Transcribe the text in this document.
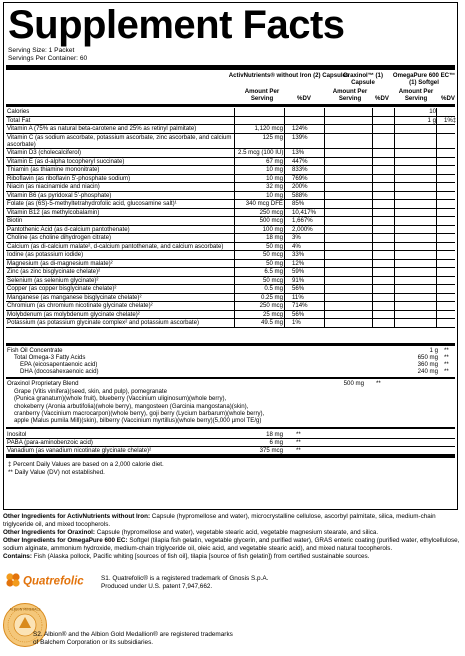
Supplement Facts
Serving Size: 1 Packet
Servings Per Container: 60
ActivNutrients® without Iron (2) Capsules
Oraxinol™ (1) Capsule
OmegaPure 600 EC™ (1) Softgel
Amount Per Serving	%DV
Amount Per Serving	%DV
Amount Per Serving	%DV
Calories	10
Total Fat	1 g 1%‡
Vitamin A (75% as natural beta-carotene and 25% as retinyl palmitate)	1,120 mcg 124%
Vitamin C (as sodium ascorbate, potassium ascorbate, zinc ascorbate, and calcium ascorbate)
125 mg 139%
Vitamin D3 (cholecalciferol)	2.5 mcg (100 IU) 13%
Vitamin E (as d-alpha tocopheryl succinate)	67 mg 447%
Thiamin (as thiamine mononitrate)	10 mg 833%
Riboflavin (as riboflavin 5'-phosphate sodium)	10 mg 769%
Niacin (as niacinamide and niacin)	32 mg 200%
Vitamin B6 (as pyridoxal 5'-phosphate)	10 mg 588%
Folate (as (6S)-5-methyltetrahydrofolic acid, glucosamine salt)¹	340 mcg DFE 85%
Vitamin B12 (as methylcobalamin)	250 mcg 10,417%
Biotin	500 mcg 1,667%
Pantothenic Acid (as d-calcium pantothenate)	100 mg 2,000%
Choline (as choline dihydrogen citrate)	18 mg 3%
Calcium (as di-calcium malate², d-calcium pantothenate, and calcium ascorbate)	50 mg 4%
Iodine (as potassium iodide)	50 mcg 33%
Magnesium (as di-magnesium malate)²	50 mg 12%
Zinc (as zinc bisglycinate chelate)²	6.5 mg 59%
Selenium (as selenium glycinate)²	50 mcg 91%
Copper (as copper bisglycinate chelate)²	0.5 mg 56%
Manganese (as manganese bisglycinate chelate)²	0.25 mg 11%
Chromium (as chromium nicotinate glycinate chelate)²	250 mcg 714%
Molybdenum (as molybdenum glycinate chelate)²	25 mcg 56%
Potassium (as potassium glycinate complex² and potassium ascorbate)	49.5 mg 1%
Fish Oil Concentrate	1 g **
Total Omega-3 Fatty Acids	650 mg **
EPA (eicosapentaenoic acid)	360 mg **
DHA (docosahexaenoic acid)	240 mg **
Oraxinol Proprietary Blend	500 mg **
Grape (Vitis vinifera)(seed, skin, and pulp), pomegranate
(Punica granatum)(whole fruit), blueberry (Vaccinium uliginosum)(whole berry),
chokeberry (Aronia arbutifolia)(whole berry), mangosteen (Garcinia mangostana)(skin),
cranberry (Vaccinium macrocarpon)(whole berry), goji berry (Lycium barbarum)(whole berry),
apple (Malus pumila Mill)(skin), bilberry (Vaccinium myrtillus)(whole berry)(5,000 µmol TE/g)
Inositol	18 mg **
PABA (para-aminobenzoic acid)	6 mg **
Vanadium (as vanadium nicotinate glycinate chelate)²	375 mcg **
‡ Percent Daily Values are based on a 2,000 calorie diet.
** Daily Value (DV) not established.
Other Ingredients for ActivNutrients without Iron: Capsule (hypromellose and water), microcrystalline cellulose, ascorbyl palmitate, silica, medium-chain triglyceride oil, and mixed tocopherols.
Other Ingredients for Oraxinol: Capsule (hypromellose and water), vegetable stearic acid, vegetable magnesium stearate, and silica.
Other Ingredients for OmegaPure 600 EC: Softgel (tilapia fish gelatin, vegetable glycerin, and purified water), GRAS enteric coating (purified water, ethylcellulose, sodium alginate, ammonium hydroxide, medium-chain triglyceride oil, oleic acid, and vegetable stearic acid), and mixed natural tocopherols.
Contains: Fish (Alaska pollock, Pacific whiting [sources of fish oil], tilapia [source of fish gelatin]) from certified sustainable sources.
Quatrefolic	S1. Quatrefolic® is a registered trademark of Gnosis S.p.A.
Produced under U.S. patent 7,947,662.
ALBION MINERALS
S2. Albion® and the Albion Gold Medallion® are registered trademarks
of Balchem Corporation or its subsidiaries.
